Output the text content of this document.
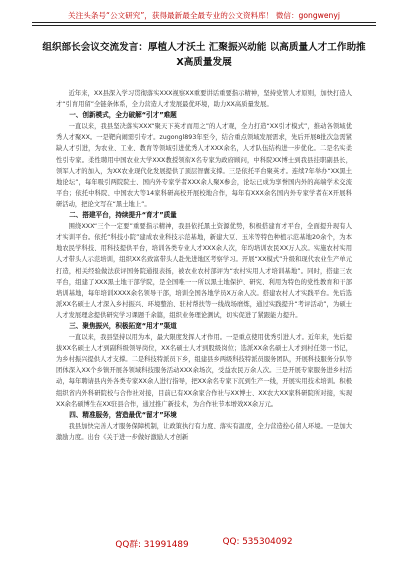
关注头条号“公文研究”，获得最新最全最专业的公文资料库！ 微信：gongwenyj
组织部长会议交流发言：厚植人才沃土 汇聚振兴动能 以高质量人才工作助推X高质量发展

近年来，XX县深入学习贯彻落实XXX视察XX重要讲话重要指示精神，坚持党管人才原则，加快打造人才“引育用留”全链条体系，全力营造人才发展最优环境，助力XX高质量发展。

一、创新模式，全力破解“引才”难题

一直以来，我县坚决落实XXX“聚天下英才而用之”的人才观，全力打造“XX引才模式”，推动各领域优秀人才聚XX。一是靶向闹需引专才。zugongl893年至今，结合重点领域发展需求，先后开展8批次急需紧缺人才引进，为农业、工业、教育等领域引进优秀人才XXX余名，人才队伍结构进一步优化。二是名实柔性引专家。柔性聘用中国农业大学XXX教授领衔X名专家为政府顾问，中科院XX博士到我县挂职副县长，领军人才的加入，为XX农业现代化发展提供了顶层智囊支撑。三是依托平台聚英才。连续7年举办“XX黑土地论坛”，每年吸引两院院士、国内外专家学者XXX余人聚X参会，论坛已成为享誉国内外的高端学术交流平台；依托中科院、中国农大等14家科研高校开展校地合作，每年有XXX余名国内外专家学者在X开展科研活动，把论文写在“黑土地上”。

二、搭建平台，持续提升“育才”质量

围绕XXX“三个一定要”重要指示精神，我县依托黑土资源优势，积极搭建育才平台，全面提升现有人才实训平台。依托“科技小院”建成农业科技示范基地，新建大豆、玉米等特色种植示范基地20余个，为本地农民学科技、用科技提供平台，培训各类专业人才XXX余人次，年均培训农民XX万人次。实施农村实用人才带头人示范培训，组织XX名致富带头人赴先进地区考察学习。开展“XX模式”升级和现代农业生产单元打造，相关经验做法获评国务院通报表扬，被农业农村部评为“农村实用人才培训基地”。同时，搭建三农平台，组建了XXX黑土地干部学院，是全国唯一一所以黑土地保护、研究、利用为特色的党性教育和干部培训基地，每年培训XXXX余名领导干部，培训全国各地学员X万余人次。搭建农村人才实践平台。先后选派XX名硕士人才深入乡村振兴、环境整治、驻村帮扶等一线战场磨炼，通过实践提升“考评活动”，为硕士人才发展理念提供研究学习课题千余篇，组织业务理论测试，切实促进了紧跟能力提升。

三、聚焦振兴，积极拓宽“用才”渠道

一直以来，我县坚持以用为本，最大限度发挥人才作用。一是重点使用优秀引进人才。近年来，先后提拔XX名硕士人才到副科级领导岗位，XX名硕士人才到股级岗位；选派XX余名硕士人才到村任第一书记，为乡村振兴提供人才支撑。二是科技特派员下乡，组建县乡两级科技特派员服务团队，开展科技服务分队等团体深入XX个乡镇开展各领域科技服务活动XXX余场次，受益农民万余人次。三是开展专家服务进乡村活动，每年聘请县内外各类专家XX余人进行指导，把XX余名专家下沉到生产一线，开展实用技术培训。积极组织省内外科研院校与合作社对接，目前已有XX余家合作社与XX博士、XX农大XX家科研院所对接，实现XX余名硕博生在XX驻县合作，通过推广新技术，为合作社节本增效XX余万元。

四、精准服务，营造最优“留才”环境

我县加快完善人才服务保障机制，让政策执行有力度、落实有温度，全力营造拴心留人环境。一是加大激励力度。出台《关于进一步做好激励人才创新

QQ群: 31991489	QQ: 535304092
